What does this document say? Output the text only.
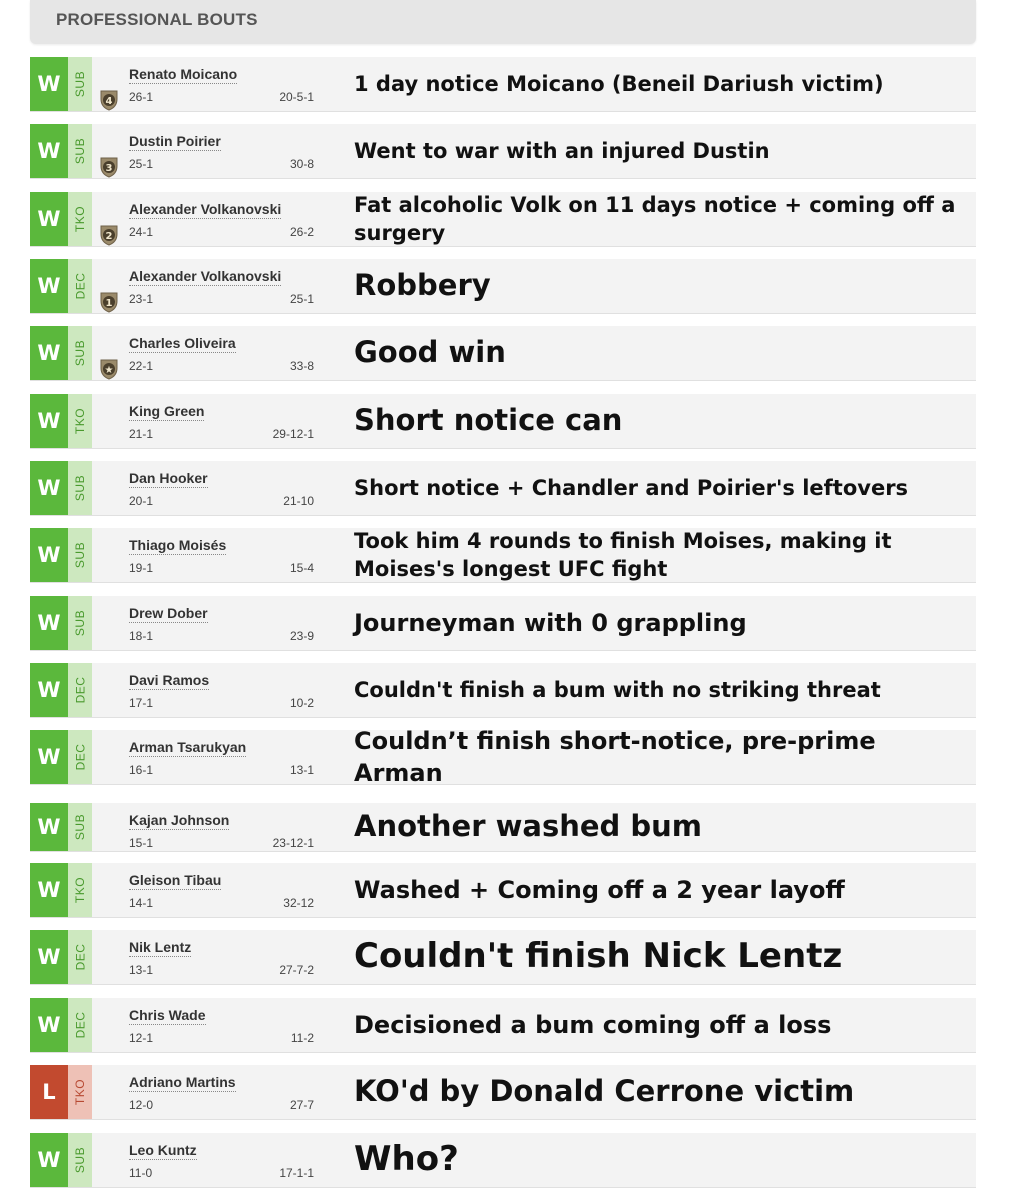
PROFESSIONAL BOUTS
W	SUB	Renato Moicano
26-1	20-5-1
4
1 day notice Moicano (Beneil Dariush victim)
W	SUB	Dustin Poirier
25-1	30-8
3
Went to war with an injured Dustin
W	TKO	Alexander Volkanovski
24-1	26-2
2
Fat alcoholic Volk on 11 days notice + coming off a surgery
W	DEC	Alexander Volkanovski
23-1	25-1
1
Robbery
W	SUB	Charles Oliveira
22-1	33-8
★
Good win
W	TKO	King Green
21-1	29-12-1 Short notice can
W	SUB	Dan Hooker
20-1	21-10
Short notice + Chandler and Poirier's leftovers
W	SUB	Thiago Moisés
19-1	15-4
Took him 4 rounds to finish Moises, making it Moises's longest UFC fight
W	SUB	Drew Dober
18-1	23-9 Journeyman with 0 grappling
W	DEC	Davi Ramos
17-1	10-2
Couldn't finish a bum with no striking threat
W	DEC	Arman Tsarukyan
16-1	13-1
Couldn’t finish short-notice, pre-prime Arman
W	SUB	Kajan Johnson
15-1	23-12-1 Another washed bum
W	TKO	Gleison Tibau
14-1	32-12 Washed + Coming off a 2 year layoff
W	DEC	Nik Lentz
13-1	27-7-2 Couldn't finish Nick Lentz
W	DEC	Chris Wade
12-1	11-2 Decisioned a bum coming off a loss
L	TKO	Adriano Martins
12-0	27-7 KO'd by Donald Cerrone victim
W	SUB	Leo Kuntz
11-0	17-1-1 Who?
